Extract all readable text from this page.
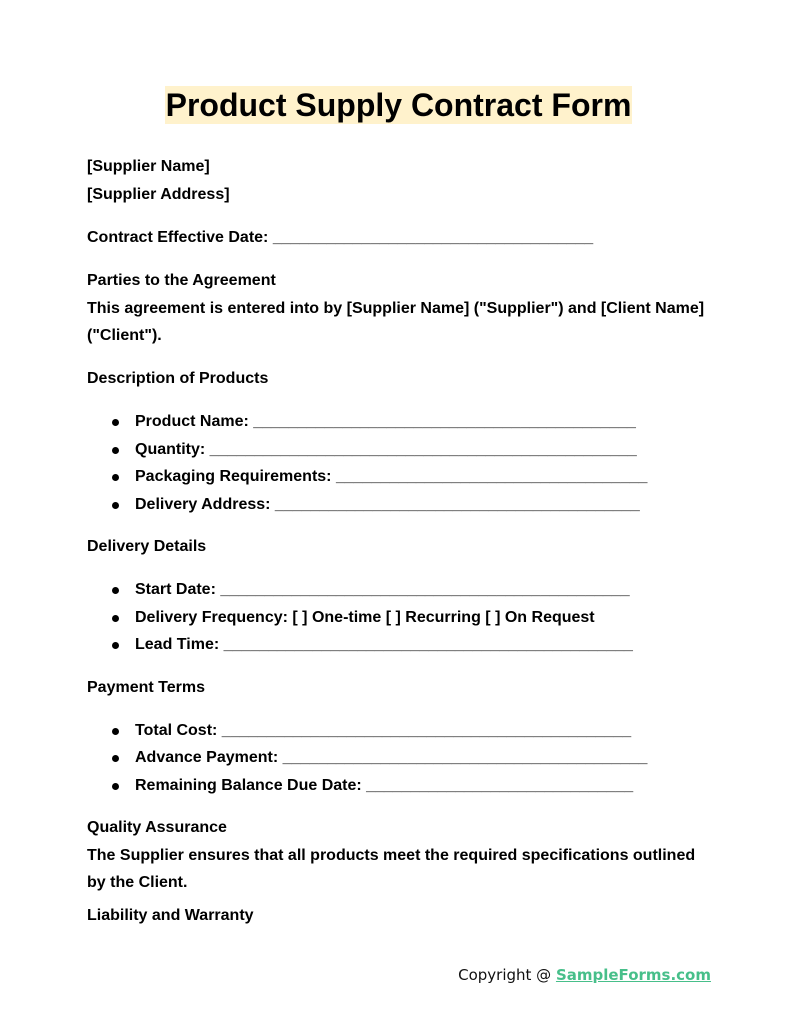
Product Supply Contract Form
[Supplier Name]
[Supplier Address]
Contract Effective Date: ____________________________________
Parties to the Agreement
This agreement is entered into by [Supplier Name] ("Supplier") and [Client Name] ("Client").
Description of Products
Product Name: ___________________________________________
Quantity: ________________________________________________
Packaging Requirements: ___________________________________
Delivery Address: _________________________________________
Delivery Details
Start Date: ______________________________________________
Delivery Frequency: [ ] One-time [ ] Recurring [ ] On Request
Lead Time: ______________________________________________
Payment Terms
Total Cost: ______________________________________________
Advance Payment: _________________________________________
Remaining Balance Due Date: ______________________________
Quality Assurance
The Supplier ensures that all products meet the required specifications outlined by the Client.
Liability and Warranty
Copyright @ SampleForms.com
